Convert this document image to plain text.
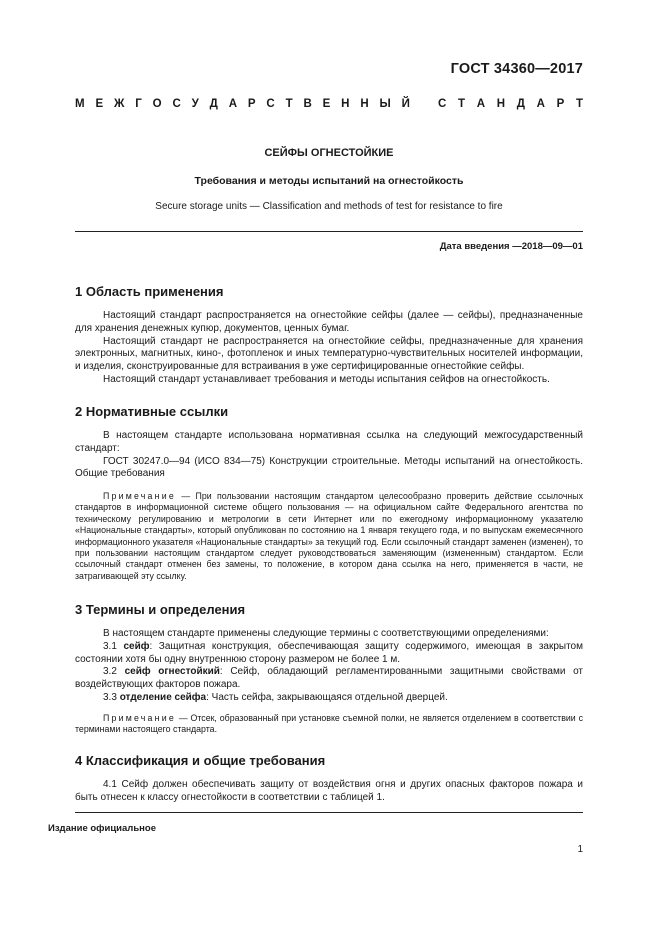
ГОСТ 34360—2017
М Е Ж Г О С У Д А Р С Т В Е Н Н Ы Й С Т А Н Д А Р Т
СЕЙФЫ ОГНЕСТОЙКИЕ
Требования и методы испытаний на огнестойкость
Secure storage units — Classification and methods of test for resistance to fire
Дата введения —2018—09—01
1 Область применения

Настоящий стандарт распространяется на огнестойкие сейфы (далее — сейфы), предназначенные для хранения денежных купюр, документов, ценных бумаг.

Настоящий стандарт не распространяется на огнестойкие сейфы, предназначенные для хранения электронных, магнитных, кино-, фотопленок и иных температурно-чувствительных носителей информации, и изделия, сконструированные для встраивания в уже сертифицированные огнестойкие сейфы.

Настоящий стандарт устанавливает требования и методы испытания сейфов на огнестойкость.

2 Нормативные ссылки

В настоящем стандарте использована нормативная ссылка на следующий межгосударственный стандарт:

ГОСТ 30247.0—94 (ИСО 834—75) Конструкции строительные. Методы испытаний на огнестойкость. Общие требования

Примечание — При пользовании настоящим стандартом целесообразно проверить действие ссылочных стандартов в информационной системе общего пользования — на официальном сайте Федерального агентства по техническому регулированию и метрологии в сети Интернет или по ежегодному информационному указателю «Национальные стандарты», который опубликован по состоянию на 1 января текущего года, и по выпускам ежемесячного информационного указателя «Национальные стандарты» за текущий год. Если ссылочный стандарт заменен (изменен), то при пользовании настоящим стандартом следует руководствоваться заменяющим (измененным) стандартом. Если ссылочный стандарт отменен без замены, то положение, в котором дана ссылка на него, применяется в части, не затрагивающей эту ссылку.
3 Термины и определения

В настоящем стандарте применены следующие термины с соответствующими определениями:

3.1 сейф: Защитная конструкция, обеспечивающая защиту содержимого, имеющая в закрытом состоянии хотя бы одну внутреннюю сторону размером не более 1 м.

3.2 сейф огнестойкий: Сейф, обладающий регламентированными защитными свойствами от воздействующих факторов пожара.

3.3 отделение сейфа: Часть сейфа, закрывающаяся отдельной дверцей.

Примечание — Отсек, образованный при установке съемной полки, не является отделением в соответствии с терминами настоящего стандарта.
4 Классификация и общие требования

4.1 Сейф должен обеспечивать защиту от воздействия огня и других опасных факторов пожара и быть отнесен к классу огнестойкости в соответствии с таблицей 1.

Издание официальное
1
